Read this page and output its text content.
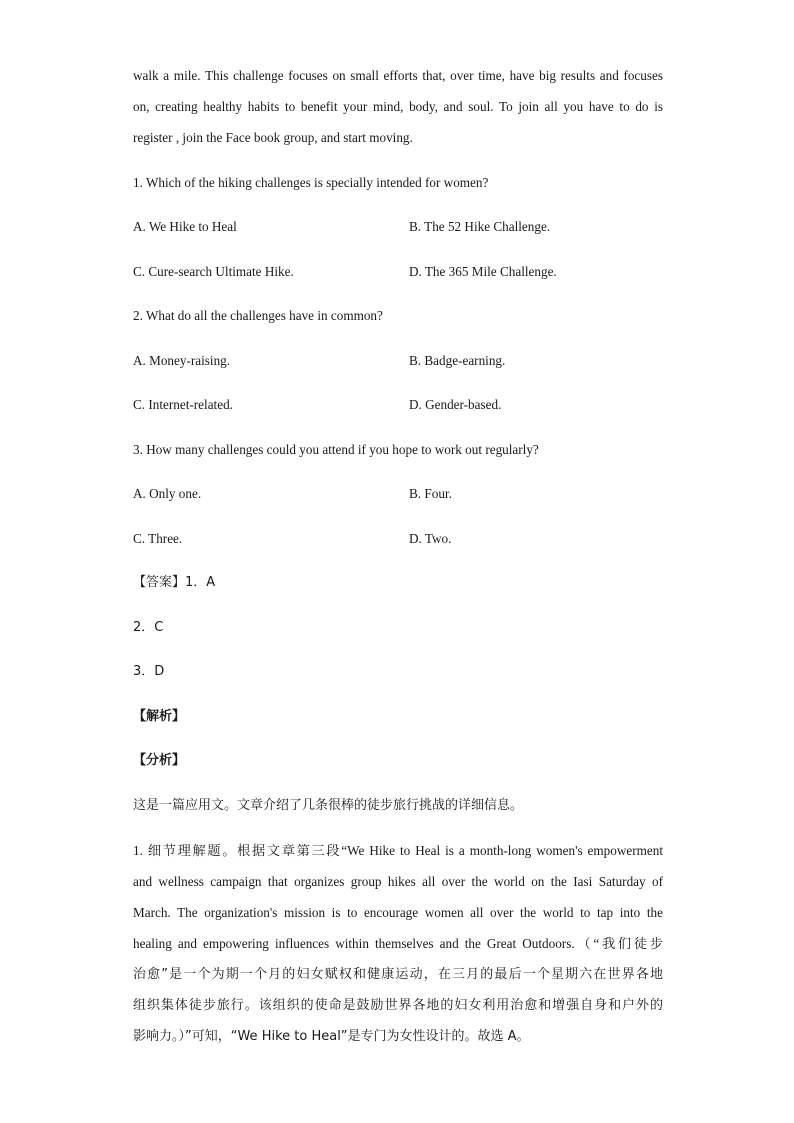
walk a mile. This challenge focuses on small efforts that, over time, have big results and focuses
on, creating healthy habits to benefit your mind, body, and soul. To join all you have to do is
register , join the Face book group, and start moving.
1. Which of the hiking challenges is specially intended for women?
A. We Hike to Heal	B. The 52 Hike Challenge.
C. Cure-search Ultimate Hike.	D. The 365 Mile Challenge.
2. What do all the challenges have in common?
A. Money-raising.	B. Badge-earning.
C. Internet-related.	D. Gender-based.
3. How many challenges could you attend if you hope to work out regularly?
A. Only one.	B. Four.
C. Three.	D. Two.
【答案】1．A
2．C
3．D
【解析】
【分析】
这是一篇应用文。文章介绍了几条很棒的徒步旅行挑战的详细信息。
1. 细节理解题。根据文章第三段“We Hike to Heal is a month-long women's empowerment
and wellness campaign that organizes group hikes all over the world on the Iasi Saturday of
March. The organization's mission is to encourage women all over the world to tap into the
healing and empowering influences within themselves and the Great Outdoors.（“我们徒步
治愈”是一个为期一个月的妇女赋权和健康运动，在三月的最后一个星期六在世界各地
组织集体徒步旅行。该组织的使命是鼓励世界各地的妇女利用治愈和增强自身和户外的
影响力。）”可知，“We Hike to Heal”是专门为女性设计的。故选 A。
